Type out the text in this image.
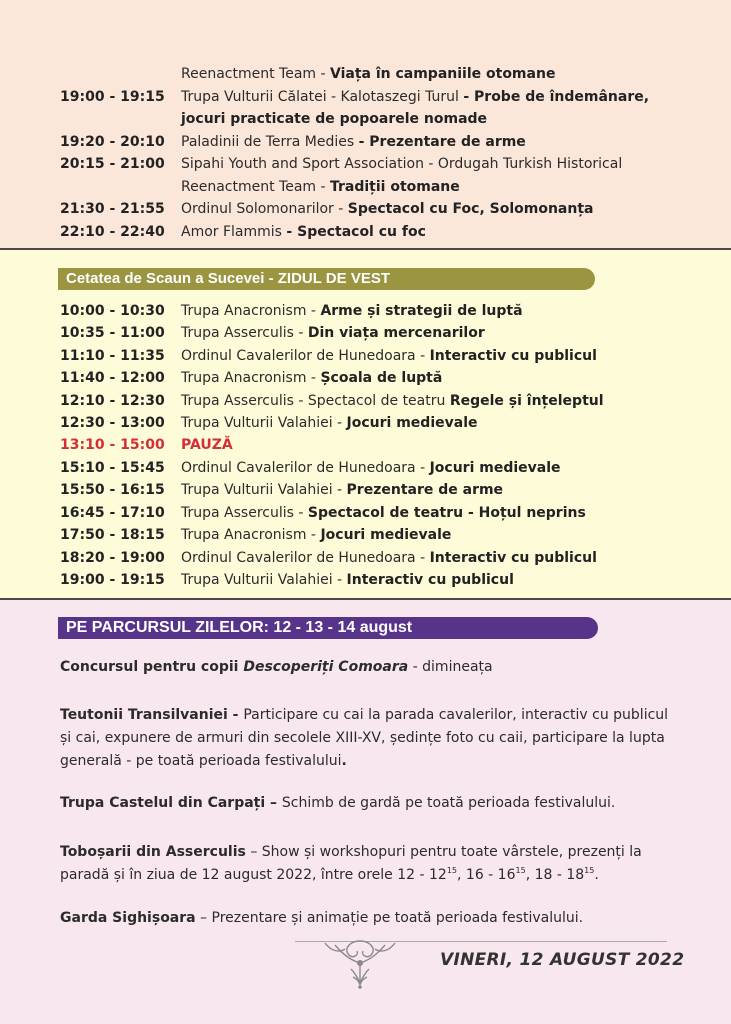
Reenactment Team - Viața în campaniile otomane
19:00 - 19:15	Trupa Vulturii Călatei - Kalotaszegi Turul - Probe de îndemânare,
jocuri practicate de popoarele nomade
19:20 - 20:10	Paladinii de Terra Medies - Prezentare de arme
20:15 - 21:00	Sipahi Youth and Sport Association - Ordugah Turkish Historical
Reenactment Team - Tradiții otomane
21:30 - 21:55	Ordinul Solomonarilor - Spectacol cu Foc, Solomonanța
22:10 - 22:40	Amor Flammis - Spectacol cu foc
Cetatea de Scaun a Sucevei - ZIDUL DE VEST
10:00 - 10:30	Trupa Anacronism - Arme și strategii de luptă
10:35 - 11:00	Trupa Asserculis - Din viața mercenarilor
11:10 - 11:35	Ordinul Cavalerilor de Hunedoara - Interactiv cu publicul
11:40 - 12:00	Trupa Anacronism - Școala de luptă
12:10 - 12:30	Trupa Asserculis - Spectacol de teatru Regele și înțeleptul
12:30 - 13:00	Trupa Vulturii Valahiei - Jocuri medievale
13:10 - 15:00	PAUZĂ
15:10 - 15:45	Ordinul Cavalerilor de Hunedoara - Jocuri medievale
15:50 - 16:15	Trupa Vulturii Valahiei - Prezentare de arme
16:45 - 17:10	Trupa Asserculis - Spectacol de teatru - Hoțul neprins
17:50 - 18:15	Trupa Anacronism - Jocuri medievale
18:20 - 19:00	Ordinul Cavalerilor de Hunedoara - Interactiv cu publicul
19:00 - 19:15	Trupa Vulturii Valahiei - Interactiv cu publicul
PE PARCURSUL ZILELOR: 12 - 13 - 14 august
Concursul pentru copii Descoperiți Comoara - dimineața
Teutonii Transilvaniei - Participare cu cai la parada cavalerilor, interactiv cu publicul și cai, expunere de armuri din secolele XIII-XV, ședințe foto cu caii, participare la lupta generală - pe toată perioada festivalului.
Trupa Castelul din Carpați – Schimb de gardă pe toată perioada festivalului.
Toboșarii din Asserculis – Show și workshopuri pentru toate vârstele, prezenți la paradă și în ziua de 12 august 2022, între orele $12 - 12^{15}$, $16 - 16^{15}$, $18 - 18^{15}$.
Garda Sighișoara – Prezentare și animație pe toată perioada festivalului.
VINERI, 12 AUGUST 2022
